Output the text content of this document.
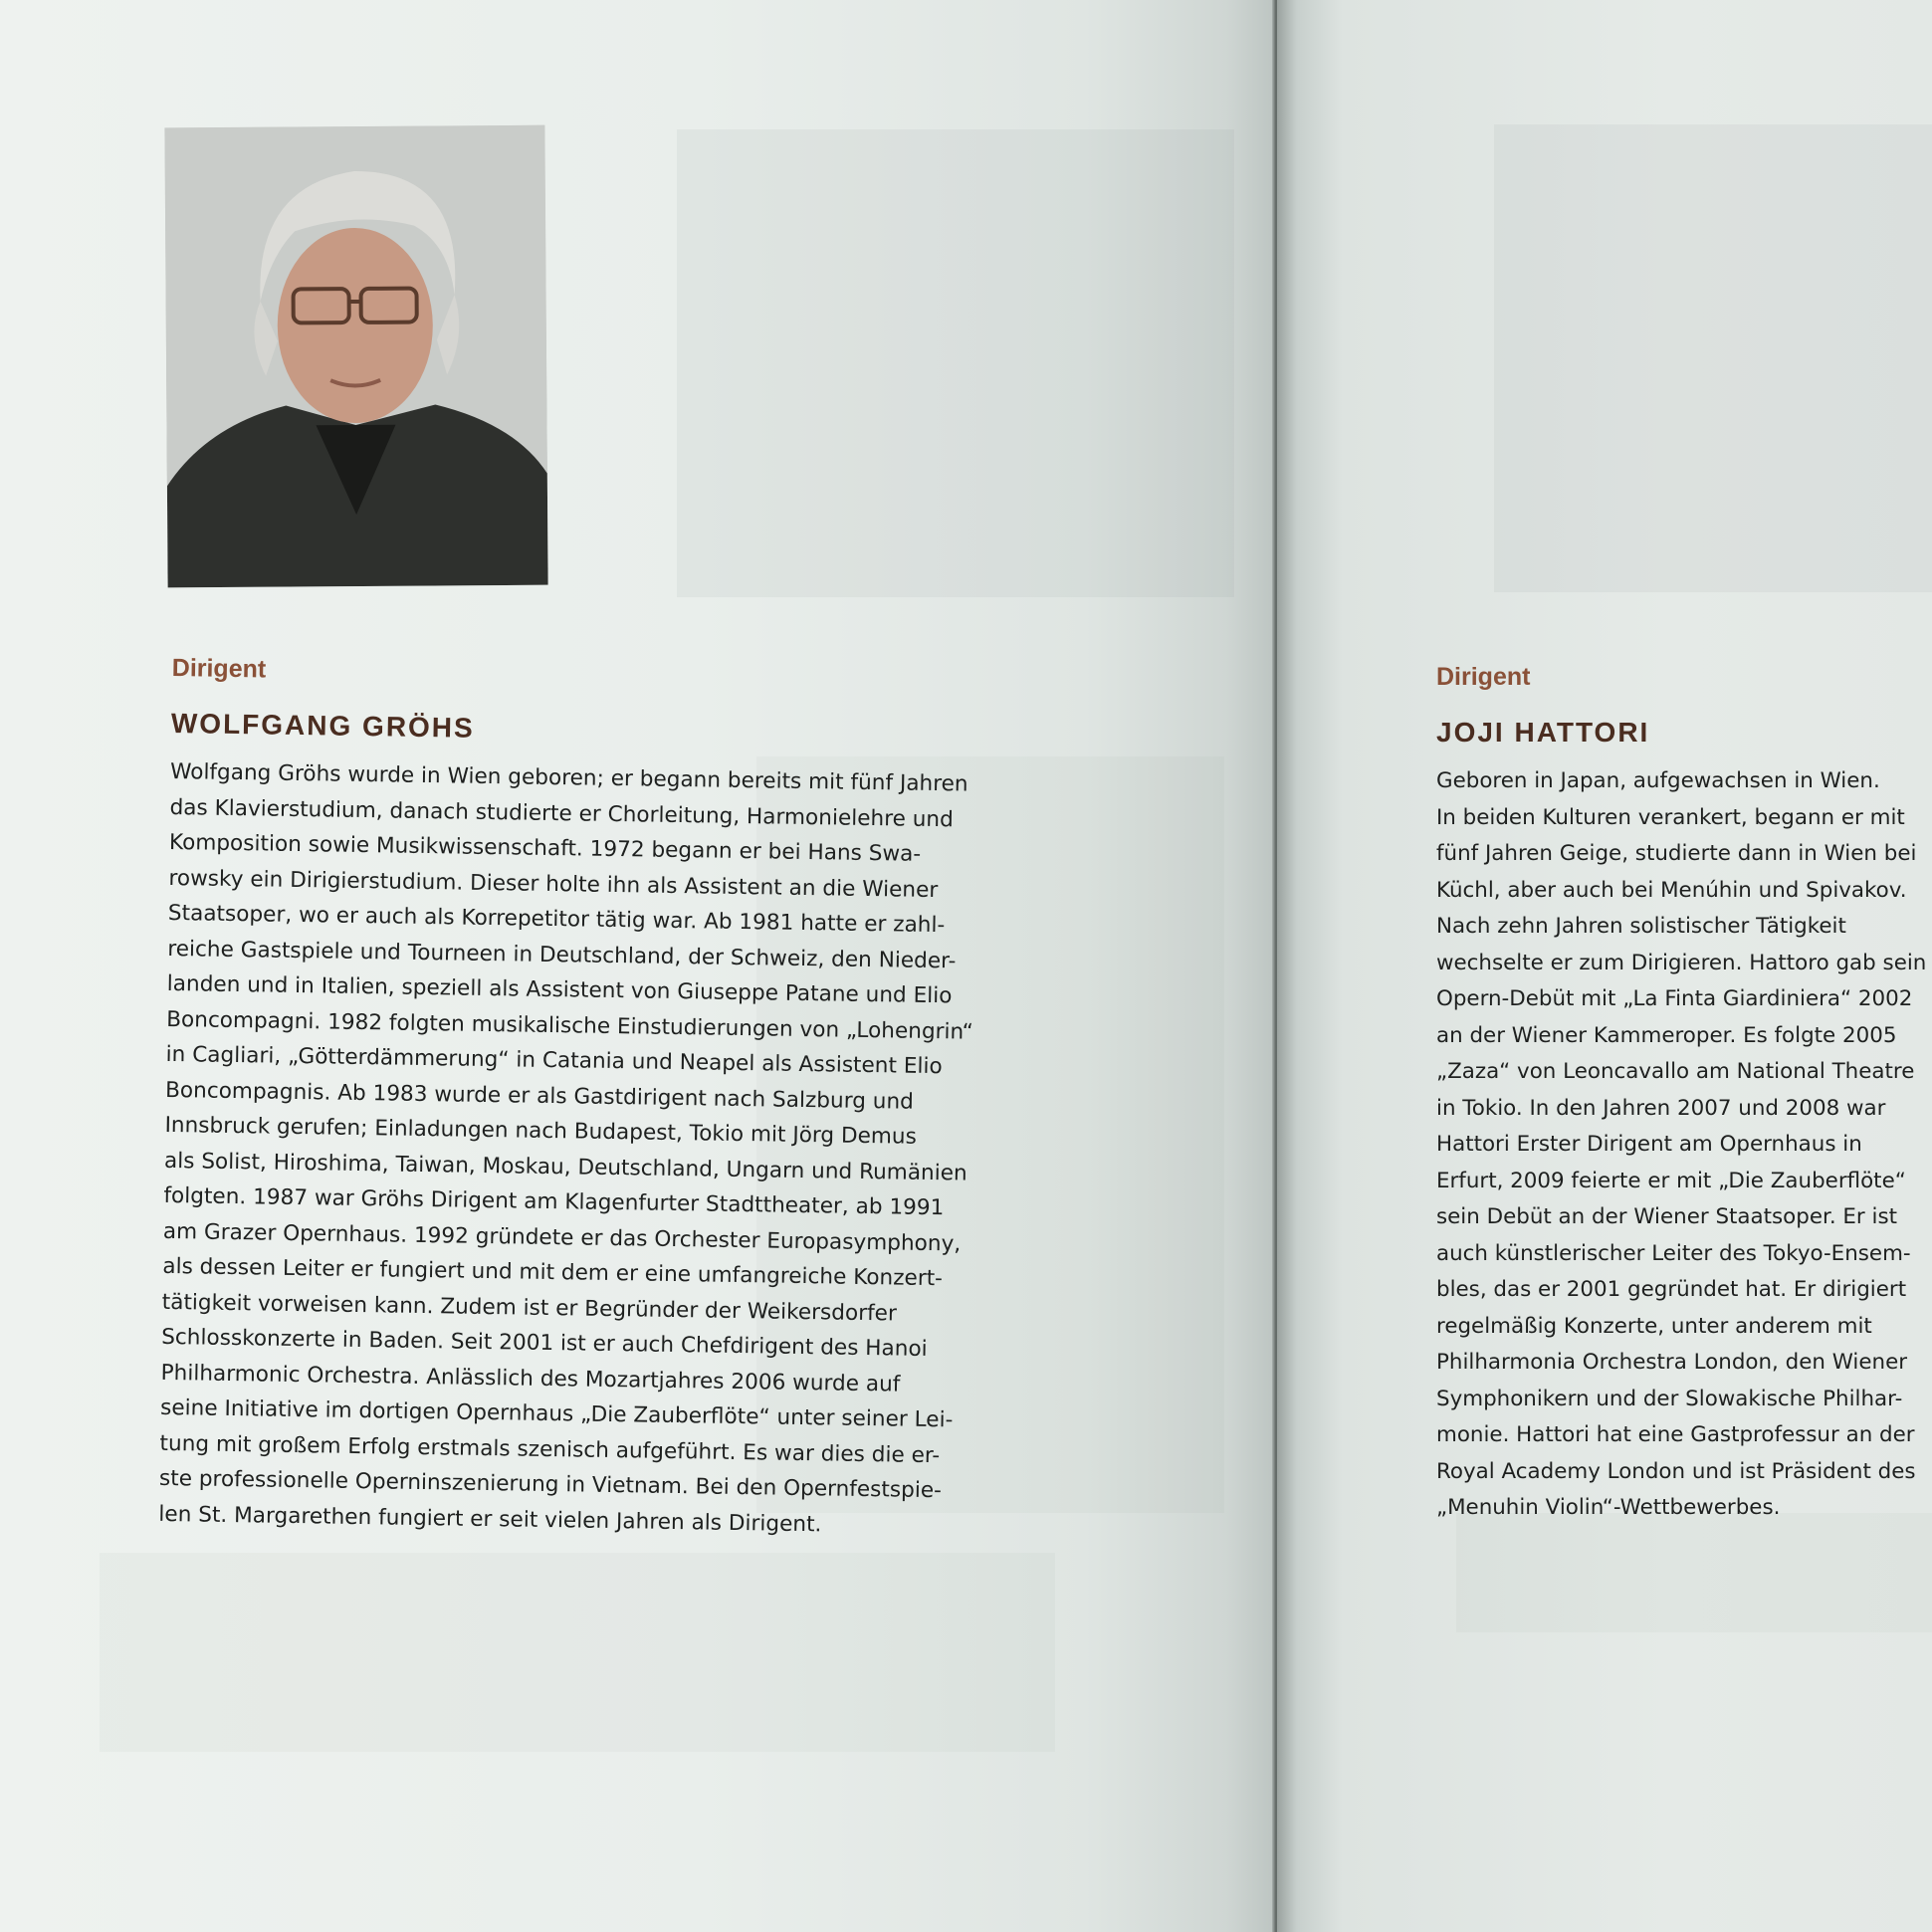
Dirigent
WOLFGANG GRÖHS
Wolfgang Gröhs wurde in Wien geboren; er begann bereits mit fünf Jahren
das Klavierstudium, danach studierte er Chorleitung, Harmonielehre und
Komposition sowie Musikwissenschaft. 1972 begann er bei Hans Swa-
rowsky ein Dirigierstudium. Dieser holte ihn als Assistent an die Wiener
Staatsoper, wo er auch als Korrepetitor tätig war. Ab 1981 hatte er zahl-
reiche Gastspiele und Tourneen in Deutschland, der Schweiz, den Nieder-
landen und in Italien, speziell als Assistent von Giuseppe Patane und Elio
Boncompagni. 1982 folgten musikalische Einstudierungen von „Lohengrin“
in Cagliari, „Götterdämmerung“ in Catania und Neapel als Assistent Elio
Boncompagnis. Ab 1983 wurde er als Gastdirigent nach Salzburg und
Innsbruck gerufen; Einladungen nach Budapest, Tokio mit Jörg Demus
als Solist, Hiroshima, Taiwan, Moskau, Deutschland, Ungarn und Rumänien
folgten. 1987 war Gröhs Dirigent am Klagenfurter Stadttheater, ab 1991
am Grazer Opernhaus. 1992 gründete er das Orchester Europasymphony,
als dessen Leiter er fungiert und mit dem er eine umfangreiche Konzert-
tätigkeit vorweisen kann. Zudem ist er Begründer der Weikersdorfer
Schlosskonzerte in Baden. Seit 2001 ist er auch Chefdirigent des Hanoi
Philharmonic Orchestra. Anlässlich des Mozartjahres 2006 wurde auf
seine Initiative im dortigen Opernhaus „Die Zauberflöte“ unter seiner Lei-
tung mit großem Erfolg erstmals szenisch aufgeführt. Es war dies die er-
ste professionelle Operninszenierung in Vietnam. Bei den Opernfestspie-
len St. Margarethen fungiert er seit vielen Jahren als Dirigent.
Dirigent
JOJI HATTORI
Geboren in Japan, aufgewachsen in Wien.
In beiden Kulturen verankert, begann er mit
fünf Jahren Geige, studierte dann in Wien bei
Küchl, aber auch bei Menúhin und Spivakov.
Nach zehn Jahren solistischer Tätigkeit
wechselte er zum Dirigieren. Hattoro gab sein
Opern-Debüt mit „La Finta Giardiniera“ 2002
an der Wiener Kammeroper. Es folgte 2005
„Zaza“ von Leoncavallo am National Theatre
in Tokio. In den Jahren 2007 und 2008 war
Hattori Erster Dirigent am Opernhaus in
Erfurt, 2009 feierte er mit „Die Zauberflöte“
sein Debüt an der Wiener Staatsoper. Er ist
auch künstlerischer Leiter des Tokyo-Ensem-
bles, das er 2001 gegründet hat. Er dirigiert
regelmäßig Konzerte, unter anderem mit
Philharmonia Orchestra London, den Wiener
Symphonikern und der Slowakische Philhar-
monie. Hattori hat eine Gastprofessur an der
Royal Academy London und ist Präsident des
„Menuhin Violin“-Wettbewerbes.
